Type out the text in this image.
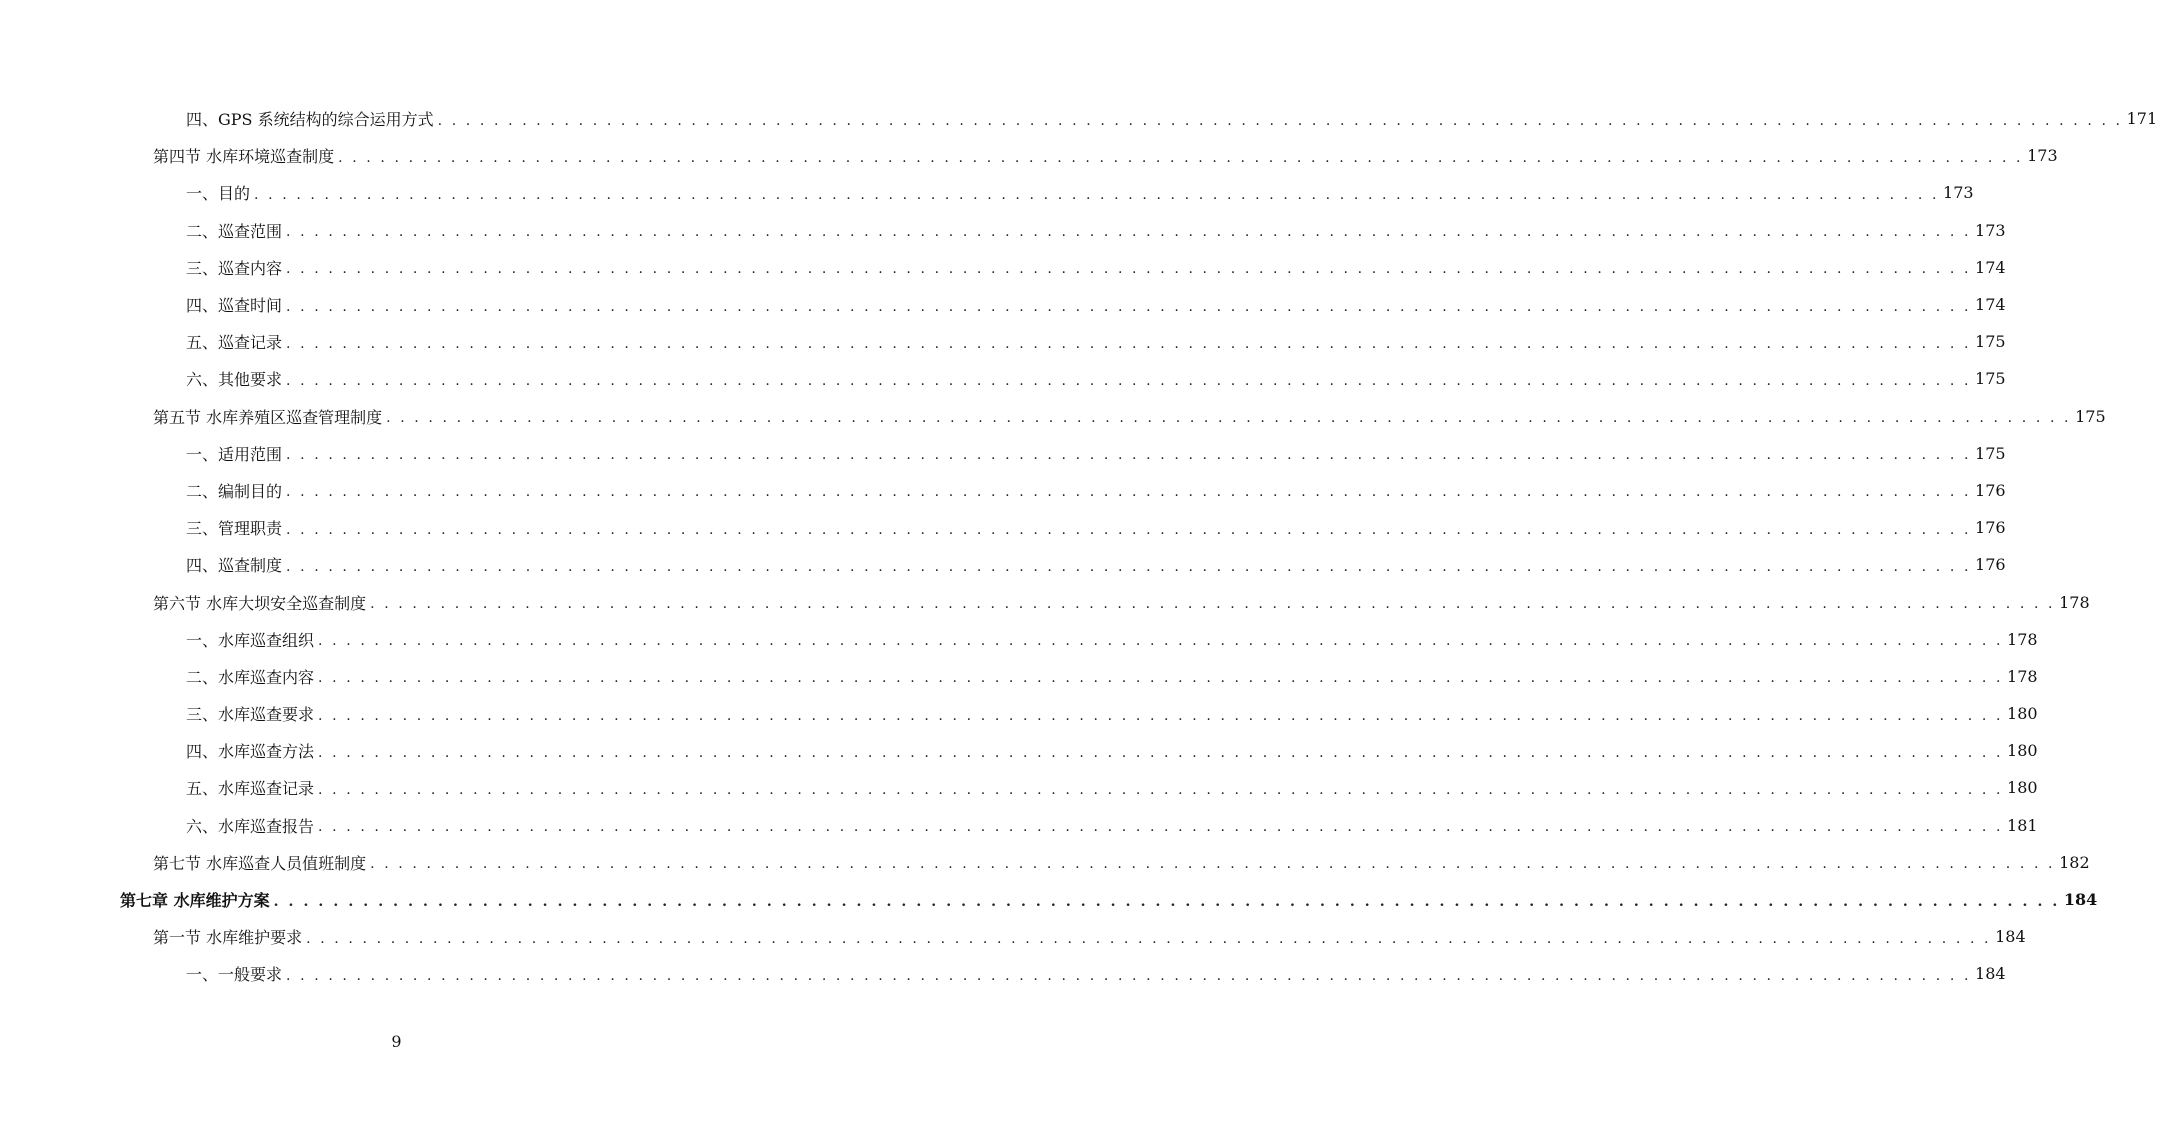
四、GPS 系统结构的综合运用方式 . . . . . . . . . . . . . . . . . . . . . . . . . . . . . . . . . . . . . . . . . . . . . . . . . . . . . . . . . . . . . . . . . . . . . . . . . . . . . . . . . . . . . . . . . . . . . . . . . . . . . . . . . . . . . . . . . . . . . . . . 171
第四节 水库环境巡查制度 . . . . . . . . . . . . . . . . . . . . . . . . . . . . . . . . . . . . . . . . . . . . . . . . . . . . . . . . . . . . . . . . . . . . . . . . . . . . . . . . . . . . . . . . . . . . . . . . . . . . . . . . . . . . . . . . . . . . . . . . 173
一、目的 . . . . . . . . . . . . . . . . . . . . . . . . . . . . . . . . . . . . . . . . . . . . . . . . . . . . . . . . . . . . . . . . . . . . . . . . . . . . . . . . . . . . . . . . . . . . . . . . . . . . . . . . . . . . . . . . . . . . . . . . 173
二、巡查范围 . . . . . . . . . . . . . . . . . . . . . . . . . . . . . . . . . . . . . . . . . . . . . . . . . . . . . . . . . . . . . . . . . . . . . . . . . . . . . . . . . . . . . . . . . . . . . . . . . . . . . . . . . . . . . . . . . . . . . . . . 173
三、巡查内容 . . . . . . . . . . . . . . . . . . . . . . . . . . . . . . . . . . . . . . . . . . . . . . . . . . . . . . . . . . . . . . . . . . . . . . . . . . . . . . . . . . . . . . . . . . . . . . . . . . . . . . . . . . . . . . . . . . . . . . . . 174
四、巡查时间 . . . . . . . . . . . . . . . . . . . . . . . . . . . . . . . . . . . . . . . . . . . . . . . . . . . . . . . . . . . . . . . . . . . . . . . . . . . . . . . . . . . . . . . . . . . . . . . . . . . . . . . . . . . . . . . . . . . . . . . . 174
五、巡查记录 . . . . . . . . . . . . . . . . . . . . . . . . . . . . . . . . . . . . . . . . . . . . . . . . . . . . . . . . . . . . . . . . . . . . . . . . . . . . . . . . . . . . . . . . . . . . . . . . . . . . . . . . . . . . . . . . . . . . . . . . 175
六、其他要求 . . . . . . . . . . . . . . . . . . . . . . . . . . . . . . . . . . . . . . . . . . . . . . . . . . . . . . . . . . . . . . . . . . . . . . . . . . . . . . . . . . . . . . . . . . . . . . . . . . . . . . . . . . . . . . . . . . . . . . . . 175
第五节 水库养殖区巡查管理制度 . . . . . . . . . . . . . . . . . . . . . . . . . . . . . . . . . . . . . . . . . . . . . . . . . . . . . . . . . . . . . . . . . . . . . . . . . . . . . . . . . . . . . . . . . . . . . . . . . . . . . . . . . . . . . . . . . . . . . . . . 175
一、适用范围 . . . . . . . . . . . . . . . . . . . . . . . . . . . . . . . . . . . . . . . . . . . . . . . . . . . . . . . . . . . . . . . . . . . . . . . . . . . . . . . . . . . . . . . . . . . . . . . . . . . . . . . . . . . . . . . . . . . . . . . . 175
二、编制目的 . . . . . . . . . . . . . . . . . . . . . . . . . . . . . . . . . . . . . . . . . . . . . . . . . . . . . . . . . . . . . . . . . . . . . . . . . . . . . . . . . . . . . . . . . . . . . . . . . . . . . . . . . . . . . . . . . . . . . . . . 176
三、管理职责 . . . . . . . . . . . . . . . . . . . . . . . . . . . . . . . . . . . . . . . . . . . . . . . . . . . . . . . . . . . . . . . . . . . . . . . . . . . . . . . . . . . . . . . . . . . . . . . . . . . . . . . . . . . . . . . . . . . . . . . . 176
四、巡查制度 . . . . . . . . . . . . . . . . . . . . . . . . . . . . . . . . . . . . . . . . . . . . . . . . . . . . . . . . . . . . . . . . . . . . . . . . . . . . . . . . . . . . . . . . . . . . . . . . . . . . . . . . . . . . . . . . . . . . . . . . 176
第六节 水库大坝安全巡查制度 . . . . . . . . . . . . . . . . . . . . . . . . . . . . . . . . . . . . . . . . . . . . . . . . . . . . . . . . . . . . . . . . . . . . . . . . . . . . . . . . . . . . . . . . . . . . . . . . . . . . . . . . . . . . . . . . . . . . . . . . 178
一、水库巡查组织 . . . . . . . . . . . . . . . . . . . . . . . . . . . . . . . . . . . . . . . . . . . . . . . . . . . . . . . . . . . . . . . . . . . . . . . . . . . . . . . . . . . . . . . . . . . . . . . . . . . . . . . . . . . . . . . . . . . . . . . . 178
二、水库巡查内容 . . . . . . . . . . . . . . . . . . . . . . . . . . . . . . . . . . . . . . . . . . . . . . . . . . . . . . . . . . . . . . . . . . . . . . . . . . . . . . . . . . . . . . . . . . . . . . . . . . . . . . . . . . . . . . . . . . . . . . . . 178
三、水库巡查要求 . . . . . . . . . . . . . . . . . . . . . . . . . . . . . . . . . . . . . . . . . . . . . . . . . . . . . . . . . . . . . . . . . . . . . . . . . . . . . . . . . . . . . . . . . . . . . . . . . . . . . . . . . . . . . . . . . . . . . . . . 180
四、水库巡查方法 . . . . . . . . . . . . . . . . . . . . . . . . . . . . . . . . . . . . . . . . . . . . . . . . . . . . . . . . . . . . . . . . . . . . . . . . . . . . . . . . . . . . . . . . . . . . . . . . . . . . . . . . . . . . . . . . . . . . . . . . 180
五、水库巡查记录 . . . . . . . . . . . . . . . . . . . . . . . . . . . . . . . . . . . . . . . . . . . . . . . . . . . . . . . . . . . . . . . . . . . . . . . . . . . . . . . . . . . . . . . . . . . . . . . . . . . . . . . . . . . . . . . . . . . . . . . . 180
六、水库巡查报告 . . . . . . . . . . . . . . . . . . . . . . . . . . . . . . . . . . . . . . . . . . . . . . . . . . . . . . . . . . . . . . . . . . . . . . . . . . . . . . . . . . . . . . . . . . . . . . . . . . . . . . . . . . . . . . . . . . . . . . . . 181
第七节 水库巡查人员值班制度 . . . . . . . . . . . . . . . . . . . . . . . . . . . . . . . . . . . . . . . . . . . . . . . . . . . . . . . . . . . . . . . . . . . . . . . . . . . . . . . . . . . . . . . . . . . . . . . . . . . . . . . . . . . . . . . . . . . . . . . . 182
第七章 水库维护方案 . . . . . . . . . . . . . . . . . . . . . . . . . . . . . . . . . . . . . . . . . . . . . . . . . . . . . . . . . . . . . . . . . . . . . . . . . . . . . . . . . . . . . . . . . . . . . . . . . . . . . . . . . . . . . . . . . . . . . . . . 184
第一节 水库维护要求 . . . . . . . . . . . . . . . . . . . . . . . . . . . . . . . . . . . . . . . . . . . . . . . . . . . . . . . . . . . . . . . . . . . . . . . . . . . . . . . . . . . . . . . . . . . . . . . . . . . . . . . . . . . . . . . . . . . . . . . . 184
一、一般要求 . . . . . . . . . . . . . . . . . . . . . . . . . . . . . . . . . . . . . . . . . . . . . . . . . . . . . . . . . . . . . . . . . . . . . . . . . . . . . . . . . . . . . . . . . . . . . . . . . . . . . . . . . . . . . . . . . . . . . . . . 184
9
